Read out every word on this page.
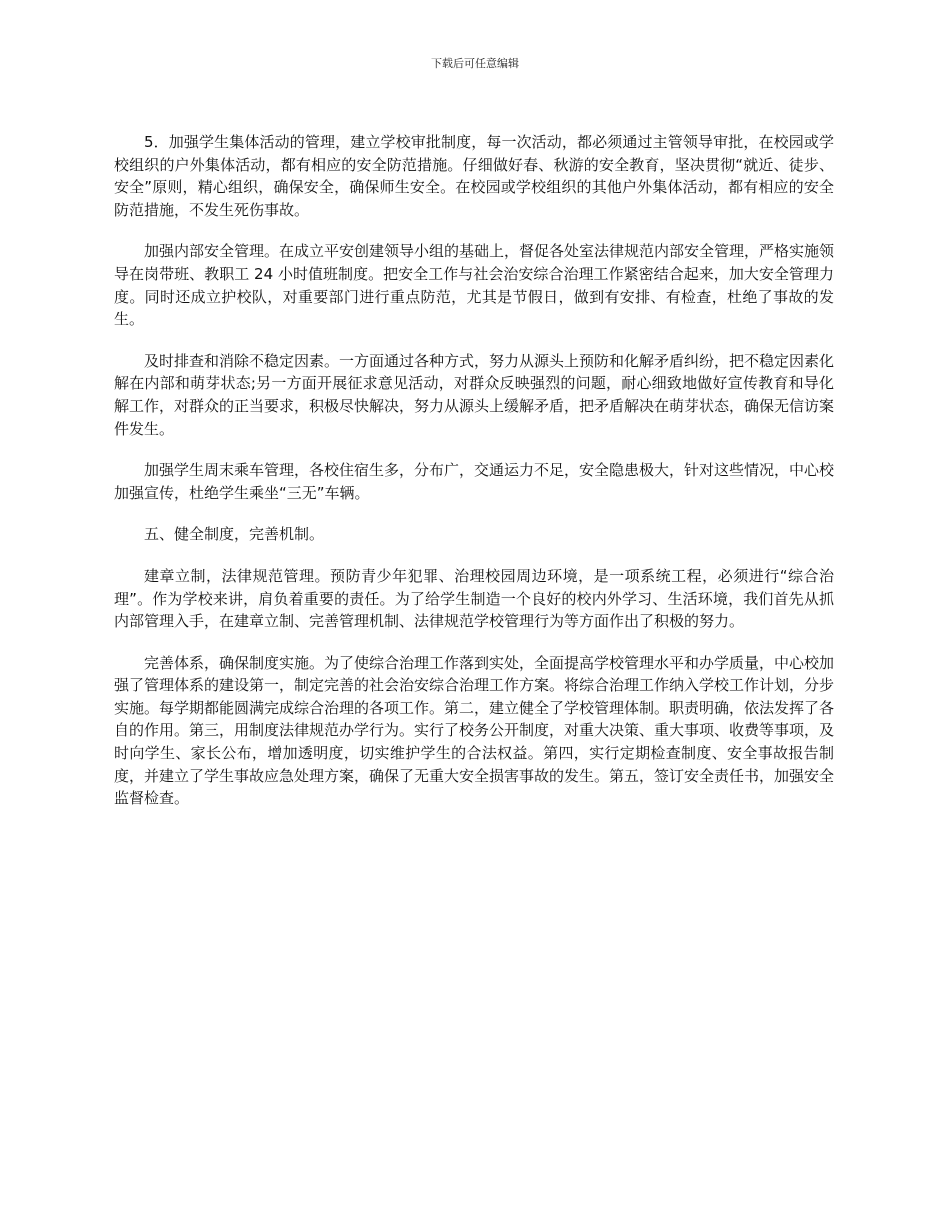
下载后可任意编辑

5．加强学生集体活动的管理，建立学校审批制度，每一次活动，都必须通过主管领导审批，在校园或学校组织的户外集体活动，都有相应的安全防范措施。仔细做好春、秋游的安全教育，坚决贯彻“就近、徒步、安全”原则，精心组织，确保安全，确保师生安全。在校园或学校组织的其他户外集体活动，都有相应的安全防范措施，不发生死伤事故。

加强内部安全管理。在成立平安创建领导小组的基础上，督促各处室法律规范内部安全管理，严格实施领导在岗带班、教职工 24 小时值班制度。把安全工作与社会治安综合治理工作紧密结合起来，加大安全管理力度。同时还成立护校队，对重要部门进行重点防范，尤其是节假日，做到有安排、有检查，杜绝了事故的发生。

及时排查和消除不稳定因素。一方面通过各种方式，努力从源头上预防和化解矛盾纠纷，把不稳定因素化解在内部和萌芽状态;另一方面开展征求意见活动，对群众反映强烈的问题，耐心细致地做好宣传教育和导化解工作，对群众的正当要求，积极尽快解决，努力从源头上缓解矛盾，把矛盾解决在萌芽状态，确保无信访案件发生。

加强学生周末乘车管理，各校住宿生多，分布广，交通运力不足，安全隐患极大，针对这些情况，中心校加强宣传，杜绝学生乘坐“三无”车辆。

五、健全制度，完善机制。

建章立制，法律规范管理。预防青少年犯罪、治理校园周边环境，是一项系统工程，必须进行“综合治理”。作为学校来讲，肩负着重要的责任。为了给学生制造一个良好的校内外学习、生活环境，我们首先从抓内部管理入手，在建章立制、完善管理机制、法律规范学校管理行为等方面作出了积极的努力。

完善体系，确保制度实施。为了使综合治理工作落到实处，全面提高学校管理水平和办学质量，中心校加强了管理体系的建设第一，制定完善的社会治安综合治理工作方案。将综合治理工作纳入学校工作计划，分步实施。每学期都能圆满完成综合治理的各项工作。第二，建立健全了学校管理体制。职责明确，依法发挥了各自的作用。第三，用制度法律规范办学行为。实行了校务公开制度，对重大决策、重大事项、收费等事项，及时向学生、家长公布，增加透明度，切实维护学生的合法权益。第四，实行定期检查制度、安全事故报告制度，并建立了学生事故应急处理方案，确保了无重大安全损害事故的发生。第五，签订安全责任书，加强安全监督检查。
